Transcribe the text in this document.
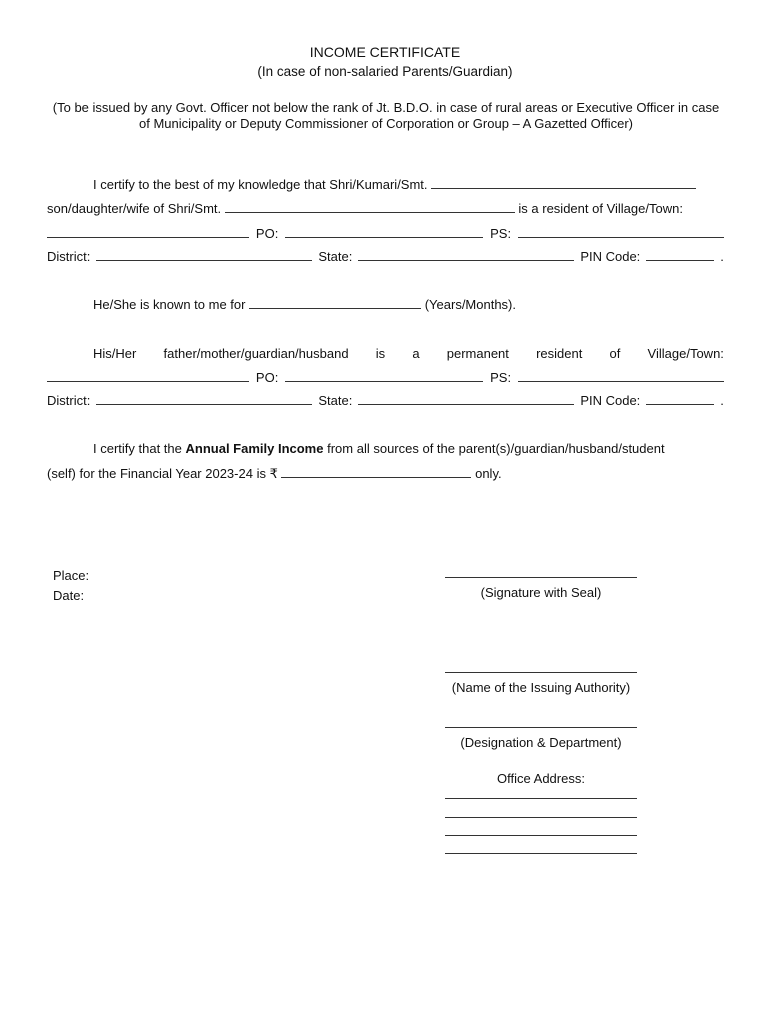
INCOME CERTIFICATE
(In case of non-salaried Parents/Guardian)
(To be issued by any Govt. Officer not below the rank of Jt. B.D.O. in case of rural areas or Executive Officer in case of Municipality or Deputy Commissioner of Corporation or Group – A Gazetted Officer)
I certify to the best of my knowledge that Shri/Kumari/Smt.
son/daughter/wife of Shri/Smt.	is a resident of Village/Town:
PO:	PS:
District:	State:	PIN Code:	.
He/She is known to me for	(Years/Months).
His/Her father/mother/guardian/husband is a permanent resident of Village/Town:
PO:	PS:
District:	State:	PIN Code:	.
I certify that the Annual Family Income from all sources of the parent(s)/guardian/husband/student
(self) for the Financial Year 2023-24 is ₹	only.
Place:
Date:	(Signature with Seal)
(Name of the Issuing Authority)
(Designation & Department)
Office Address:
